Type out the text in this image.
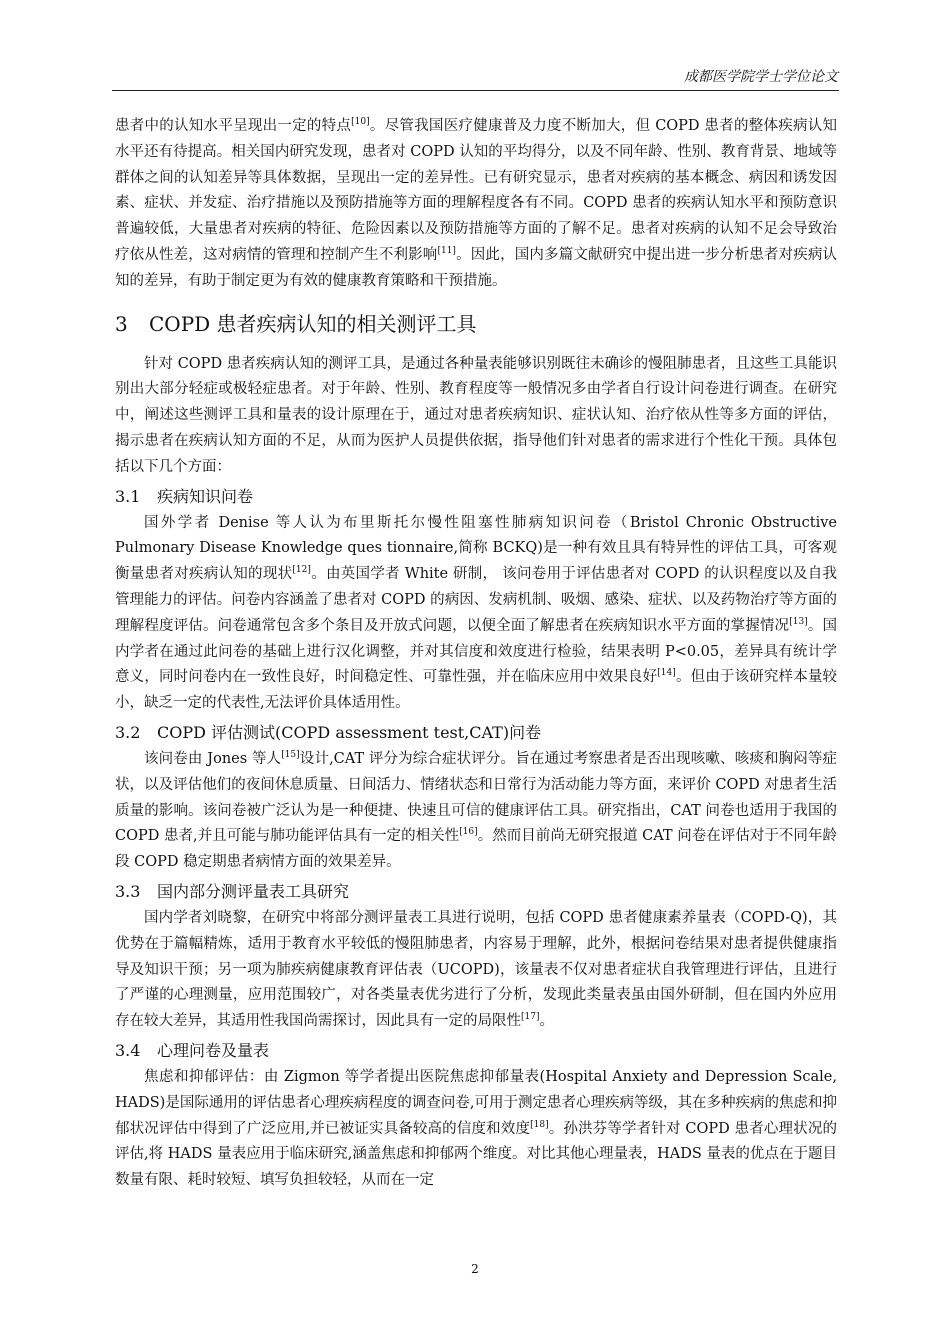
成都医学院学士学位论文

患者中的认知水平呈现出一定的特点[10]。尽管我国医疗健康普及力度不断加大，但 COPD 患者的整体疾病认知水平还有待提高。相关国内研究发现，患者对 COPD 认知的平均得分，以及不同年龄、性别、教育背景、地域等群体之间的认知差异等具体数据，呈现出一定的差异性。已有研究显示，患者对疾病的基本概念、病因和诱发因素、症状、并发症、治疗措施以及预防措施等方面的理解程度各有不同。COPD 患者的疾病认知水平和预防意识普遍较低，大量患者对疾病的特征、危险因素以及预防措施等方面的了解不足。患者对疾病的认知不足会导致治疗依从性差，这对病情的管理和控制产生不利影响[11]。因此，国内多篇文献研究中提出进一步分析患者对疾病认知的差异，有助于制定更为有效的健康教育策略和干预措施。

3 COPD 患者疾病认知的相关测评工具

针对 COPD 患者疾病认知的测评工具，是通过各种量表能够识别既往未确诊的慢阻肺患者，且这些工具能识别出大部分轻症或极轻症患者。对于年龄、性别、教育程度等一般情况多由学者自行设计问卷进行调查。在研究中，阐述这些测评工具和量表的设计原理在于，通过对患者疾病知识、症状认知、治疗依从性等多方面的评估，揭示患者在疾病认知方面的不足，从而为医护人员提供依据，指导他们针对患者的需求进行个性化干预。具体包括以下几个方面：

3.1 疾病知识问卷

国外学者 Denise 等人认为布里斯托尔慢性阻塞性肺病知识问卷（Bristol Chronic Obstructive Pulmonary Disease Knowledge ques tionnaire,简称 BCKQ)是一种有效且具有特异性的评估工具，可客观衡量患者对疾病认知的现状[12]。由英国学者 White 研制， 该问卷用于评估患者对 COPD 的认识程度以及自我管理能力的评估。问卷内容涵盖了患者对 COPD 的病因、发病机制、吸烟、感染、症状、以及药物治疗等方面的理解程度评估。问卷通常包含多个条目及开放式问题，以便全面了解患者在疾病知识水平方面的掌握情况[13]。国内学者在通过此问卷的基础上进行汉化调整，并对其信度和效度进行检验，结果表明 P<0.05，差异具有统计学意义，同时问卷内在一致性良好，时间稳定性、可靠性强，并在临床应用中效果良好[14]。但由于该研究样本量较小，缺乏一定的代表性,无法评价具体适用性。

3.2 COPD 评估测试(COPD assessment test,CAT)问卷

该问卷由 Jones 等人[15]设计,CAT 评分为综合症状评分。旨在通过考察患者是否出现咳嗽、咳痰和胸闷等症状，以及评估他们的夜间休息质量、日间活力、情绪状态和日常行为活动能力等方面，来评价 COPD 对患者生活质量的影响。该问卷被广泛认为是一种便捷、快速且可信的健康评估工具。研究指出，CAT 问卷也适用于我国的 COPD 患者,并且可能与肺功能评估具有一定的相关性[16]。然而目前尚无研究报道 CAT 问卷在评估对于不同年龄段 COPD 稳定期患者病情方面的效果差异。

3.3 国内部分测评量表工具研究

国内学者刘晓黎，在研究中将部分测评量表工具进行说明，包括 COPD 患者健康素养量表（COPD-Q)，其优势在于篇幅精炼，适用于教育水平较低的慢阻肺患者，内容易于理解，此外，根据问卷结果对患者提供健康指导及知识干预；另一项为肺疾病健康教育评估表（UCOPD)，该量表不仅对患者症状自我管理进行评估，且进行了严谨的心理测量，应用范围较广，对各类量表优劣进行了分析，发现此类量表虽由国外研制，但在国内外应用存在较大差异，其适用性我国尚需探讨，因此具有一定的局限性[17]。

3.4 心理问卷及量表

焦虑和抑郁评估：由 Zigmon 等学者提出医院焦虑抑郁量表(Hospital Anxiety and Depression Scale, HADS)是国际通用的评估患者心理疾病程度的调查问卷,可用于测定患者心理疾病等级，其在多种疾病的焦虑和抑郁状况评估中得到了广泛应用,并已被证实具备较高的信度和效度[18]。孙洪芬等学者针对 COPD 患者心理状况的评估,将 HADS 量表应用于临床研究,涵盖焦虑和抑郁两个维度。对比其他心理量表，HADS 量表的优点在于题目数量有限、耗时较短、填写负担较轻，从而在一定

2
